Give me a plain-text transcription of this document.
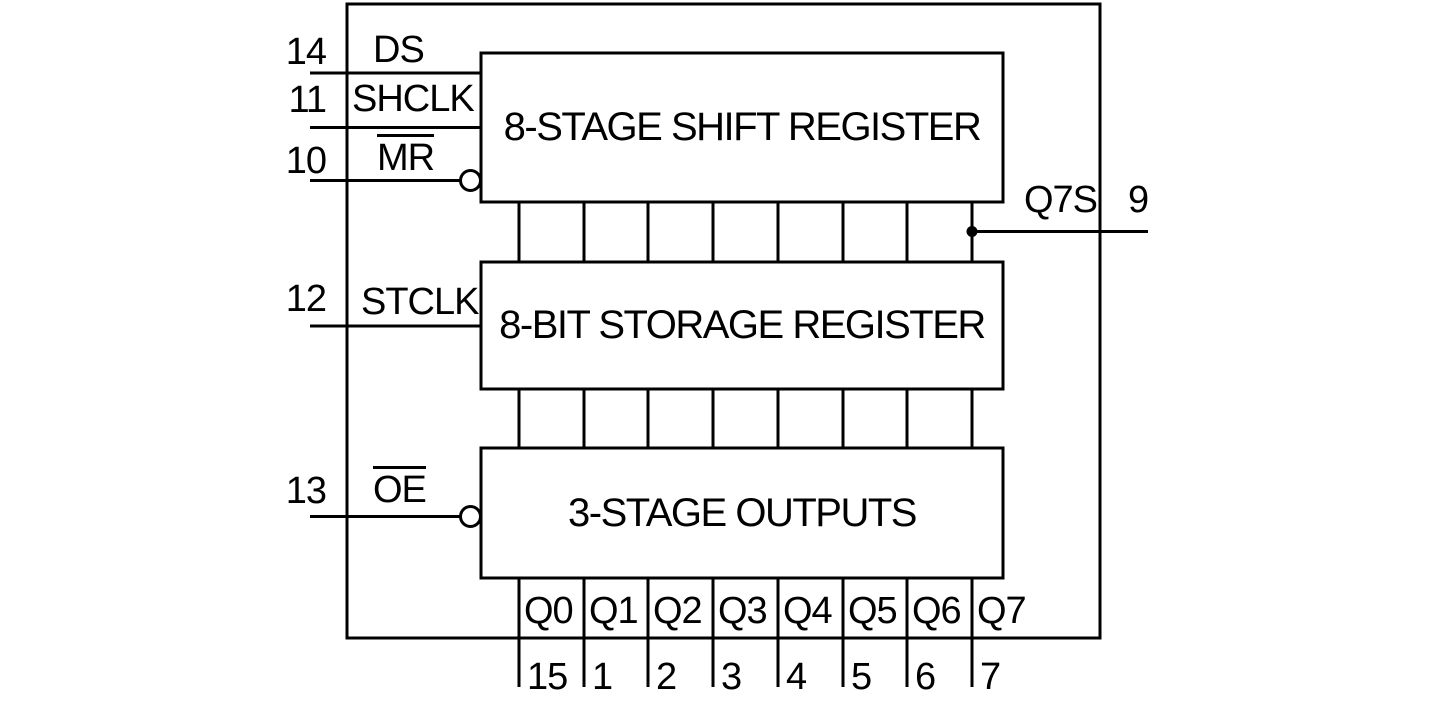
8-STAGE SHIFT REGISTER
8-BIT STORAGE REGISTER
3-STAGE OUTPUTS
14
11
10
12
13
DS
SHCLK
MR
STCLK
OE
Q7S 9
Q0 Q1 Q2 Q3 Q4 Q5 Q6 Q7
15 1 2 3 4 5 6 7
